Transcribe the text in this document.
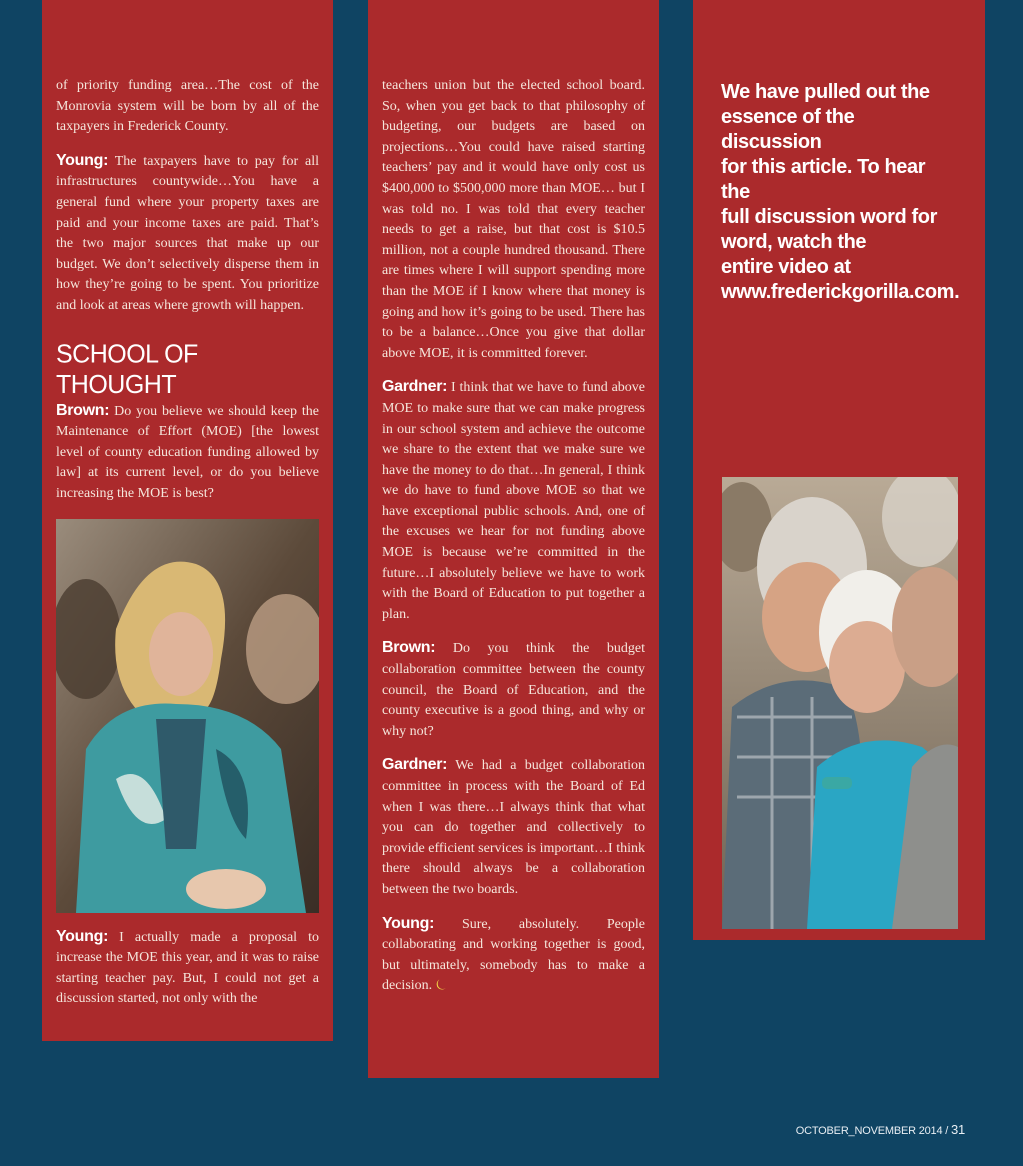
of priority funding area…The cost of the Monrovia system will be born by all of the taxpayers in Frederick County.

Young: The taxpayers have to pay for all infrastructures countywide…You have a general fund where your property taxes are paid and your income taxes are paid. That’s the two major sources that make up our budget. We don’t selectively disperse them in how they’re going to be spent. You prioritize and look at areas where growth will happen.

SCHOOL OF THOUGHT

Brown: Do you believe we should keep the Maintenance of Effort (MOE) [the lowest level of county education funding allowed by law] at its current level, or do you believe increasing the MOE is best?

Young: I actually made a proposal to increase the MOE this year, and it was to raise starting teacher pay. But, I could not get a discussion started, not only with the

teachers union but the elected school board. So, when you get back to that philosophy of budgeting, our budgets are based on projections…You could have raised starting teachers’ pay and it would have only cost us $400,000 to $500,000 more than MOE… but I was told no. I was told that every teacher needs to get a raise, but that cost is $10.5 million, not a couple hundred thousand. There are times where I will support spending more than the MOE if I know where that money is going and how it’s going to be used. There has to be a balance…Once you give that dollar above MOE, it is committed forever.

Gardner: I think that we have to fund above MOE to make sure that we can make progress in our school system and achieve the outcome we share to the extent that we make sure we have the money to do that…In general, I think we do have to fund above MOE so that we have exceptional public schools. And, one of the excuses we hear for not funding above MOE is because we’re committed in the future…I absolutely believe we have to work with the Board of Education to put together a plan.

Brown: Do you think the budget collaboration committee between the county council, the Board of Education, and the county executive is a good thing, and why or why not?

Gardner: We had a budget collaboration committee in process with the Board of Ed when I was there…I always think that what you can do together and collectively to provide efficient services is important…I think there should always be a collaboration between the two boards.

Young: Sure, absolutely. People collaborating and working together is good, but ultimately, somebody has to make a decision. ⏾

We have pulled out the
essence of the discussion
for this article. To hear the
full discussion word for
word, watch the
entire video at
www.frederickgorilla.com.
OCTOBER_NOVEMBER 2014 / 31
